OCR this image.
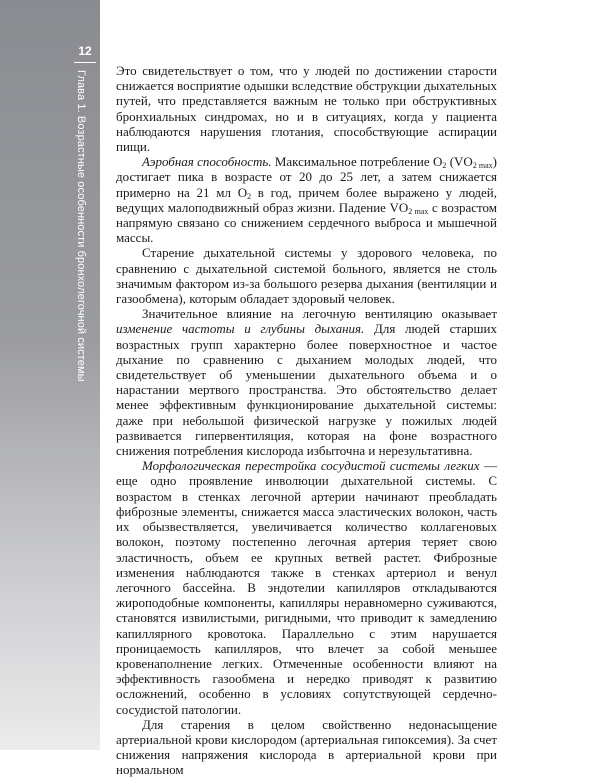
12
Глава 1. Возрастные особенности бронхолегочной системы Это свидетельствует о том, что у людей по достижении старости снижается восприятие одышки вследствие обструкции дыхательных путей, что представляется важным не только при обструктивных бронхиальных синдромах, но и в ситуациях, когда у пациента наблюдаются нарушения глотания, способствующие аспирации пищи.

Аэробная способность. Максимальное потребление $O_2$ $(VO_{2 max})$ достигает пика в возрасте от 20 до 25 лет, а затем снижается примерно на 21 мл $O_2$ в год, причем более выражено у людей, ведущих малоподвижный образ жизни. Падение $VO_{2 max}$ с возрастом напрямую связано со снижением сердечного выброса и мышечной массы.

Старение дыхательной системы у здорового человека, по сравнению с дыхательной системой больного, является не столь значимым фактором из-за большого резерва дыхания (вентиляции и газообмена), которым обладает здоровый человек.

Значительное влияние на легочную вентиляцию оказывает изменение частоты и глубины дыхания. Для людей старших возрастных групп характерно более поверхностное и частое дыхание по сравнению с дыханием молодых людей, что свидетельствует об уменьшении дыхательного объема и о нарастании мертвого пространства. Это обстоятельство делает менее эффективным функционирование дыхательной системы: даже при небольшой физической нагрузке у пожилых людей развивается гипервентиляция, которая на фоне возрастного снижения потребления кислорода избыточна и нерезультативна.

Морфологическая перестройка сосудистой системы легких — еще одно проявление инволюции дыхательной системы. С возрастом в стенках легочной артерии начинают преобладать фиброзные элементы, снижается масса эластических волокон, часть их обызвествляется, увеличивается количество коллагеновых волокон, поэтому постепенно легочная артерия теряет свою эластичность, объем ее крупных ветвей растет. Фиброзные изменения наблюдаются также в стенках артериол и венул легочного бассейна. В эндотелии капилляров откладываются жироподобные компоненты, капилляры неравномерно суживаются, становятся извилистыми, ригидными, что приводит к замедлению капиллярного кровотока. Параллельно с этим нарушается проницаемость капилляров, что влечет за собой меньшее кровенаполнение легких. Отмеченные особенности влияют на эффективность газообмена и нередко приводят к развитию осложнений, особенно в условиях сопутствующей сердечно-сосудистой патологии.

Для старения в целом свойственно недонасыщение артериальной крови кислородом (артериальная гипоксемия). За счет снижения напряжения кислорода в артериальной крови при нормальном
